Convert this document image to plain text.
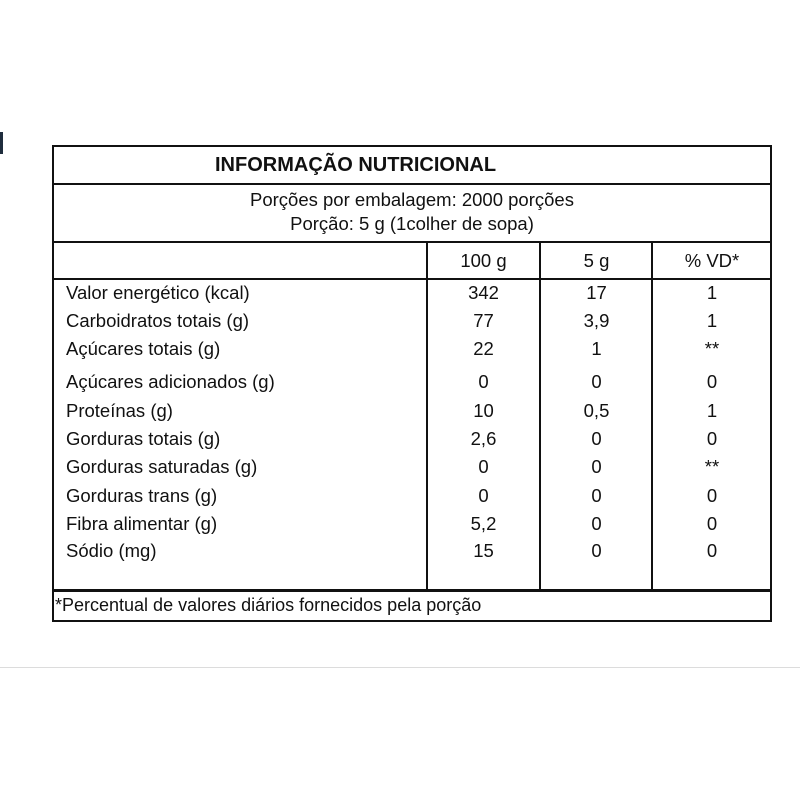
INFORMAÇÃO NUTRICIONAL
Porções por embalagem: 2000 porções
Porção: 5 g (1colher de sopa)
100 g	5 g	% VD*
Valor energético (kcal)	342	17	1
Carboidratos totais (g)	77	3,9	1
Açúcares totais (g)	22	1	**
Açúcares adicionados (g)	0	0	0
Proteínas (g)	10	0,5	1
Gorduras totais (g)	2,6	0	0
Gorduras saturadas (g)	0	0	**
Gorduras trans (g)	0	0	0
Fibra alimentar (g)	5,2	0	0
Sódio (mg)	15	0	0
*Percentual de valores diários fornecidos pela porção
